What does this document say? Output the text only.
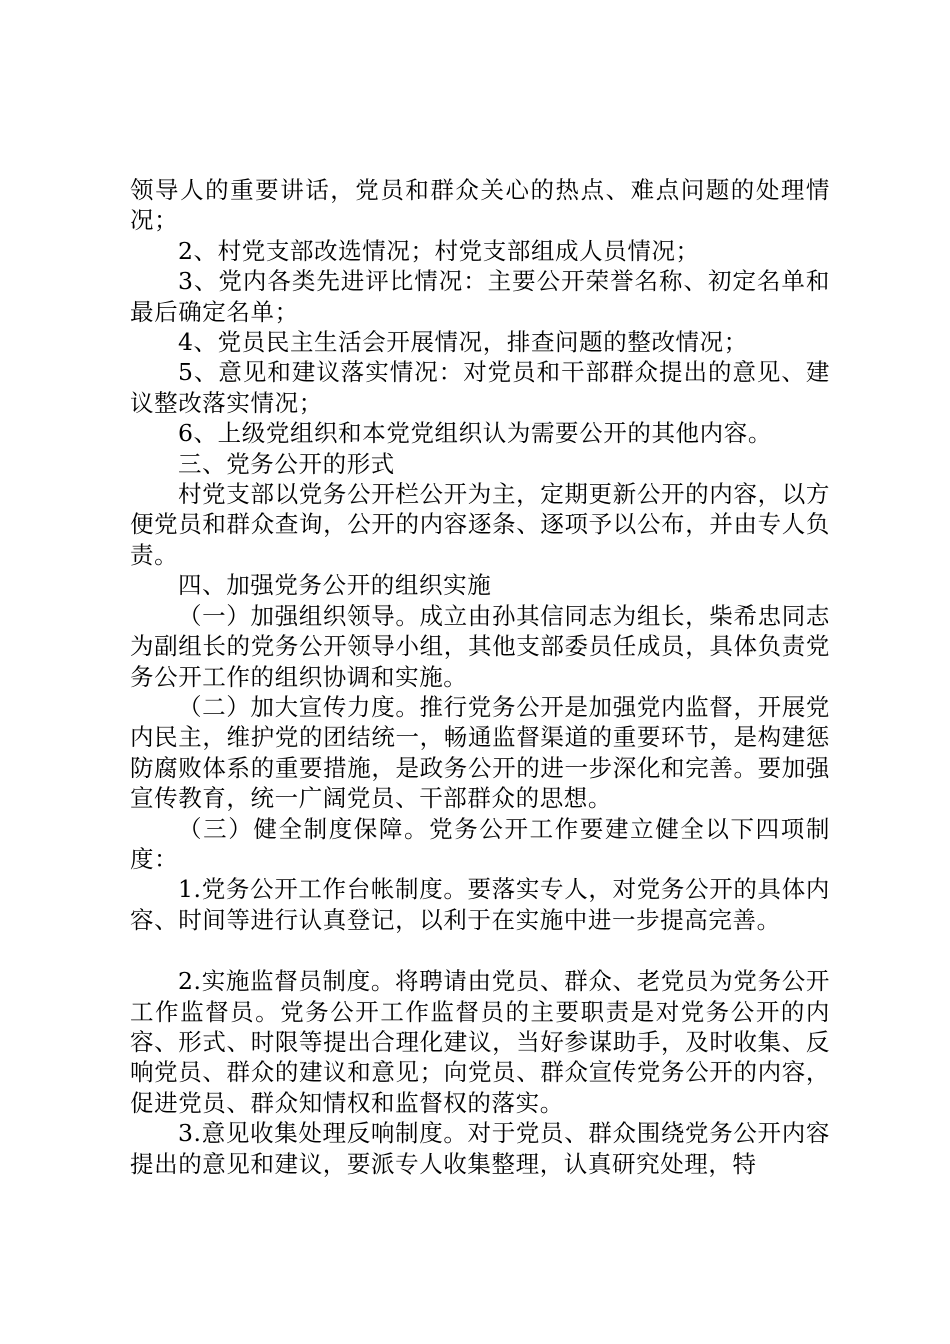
领导人的重要讲话，党员和群众关心的热点、难点问题的处理情况；

2、村党支部改选情况；村党支部组成人员情况；

3、党内各类先进评比情况：主要公开荣誉名称、初定名单和最后确定名单；

4、党员民主生活会开展情况，排查问题的整改情况；

5、意见和建议落实情况：对党员和干部群众提出的意见、建议整改落实情况；

6、上级党组织和本党党组织认为需要公开的其他内容。

三、党务公开的形式

村党支部以党务公开栏公开为主，定期更新公开的内容，以方便党员和群众查询，公开的内容逐条、逐项予以公布，并由专人负责。

四、加强党务公开的组织实施

（一）加强组织领导。成立由孙其信同志为组长，柴希忠同志为副组长的党务公开领导小组，其他支部委员任成员，具体负责党务公开工作的组织协调和实施。

（二）加大宣传力度。推行党务公开是加强党内监督，开展党内民主，维护党的团结统一，畅通监督渠道的重要环节，是构建惩防腐败体系的重要措施，是政务公开的进一步深化和完善。要加强宣传教育，统一广阔党员、干部群众的思想。

（三）健全制度保障。党务公开工作要建立健全以下四项制度：

1.党务公开工作台帐制度。要落实专人，对党务公开的具体内容、时间等进行认真登记，以利于在实施中进一步提高完善。

2.实施监督员制度。将聘请由党员、群众、老党员为党务公开工作监督员。党务公开工作监督员的主要职责是对党务公开的内容、形式、时限等提出合理化建议，当好参谋助手，及时收集、反响党员、群众的建议和意见；向党员、群众宣传党务公开的内容，促进党员、群众知情权和监督权的落实。

3.意见收集处理反响制度。对于党员、群众围绕党务公开内容提出的意见和建议，要派专人收集整理，认真研究处理，特
